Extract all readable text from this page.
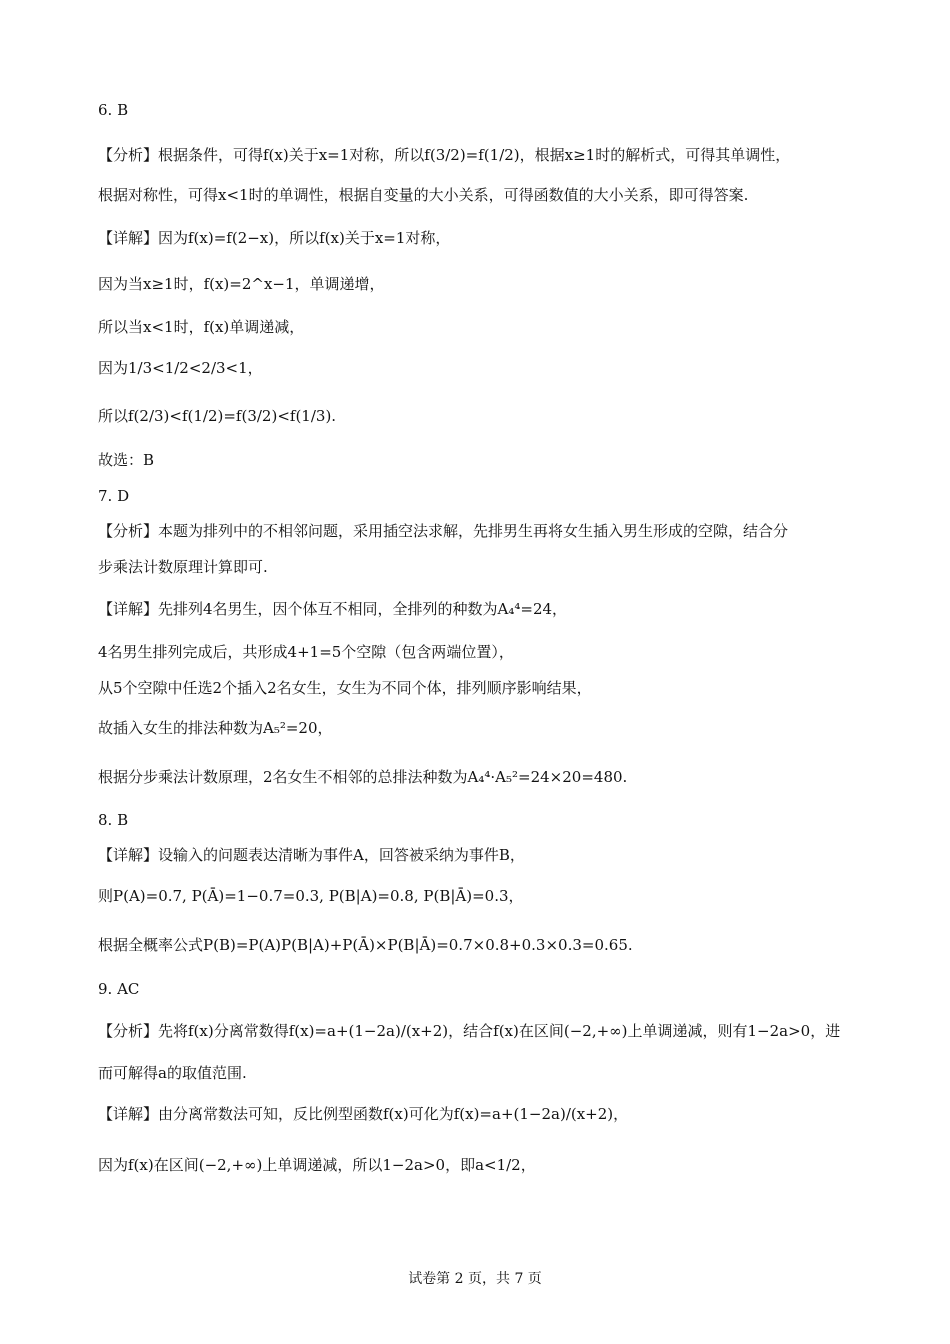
6. B
【分析】根据条件，可得f(x)关于x=1对称，所以f(3/2)=f(1/2)，根据x≥1时的解析式，可得其单调性，
根据对称性，可得x<1时的单调性，根据自变量的大小关系，可得函数值的大小关系，即可得答案.
【详解】因为f(x)=f(2−x)，所以f(x)关于x=1对称，
因为当x≥1时，f(x)=2^x−1，单调递增，
所以当x<1时，f(x)单调递减，
因为1/3<1/2<2/3<1，
所以f(2/3)<f(1/2)=f(3/2)<f(1/3).
故选：B
7. D
【分析】本题为排列中的不相邻问题，采用插空法求解，先排男生再将女生插入男生形成的空隙，结合分
步乘法计数原理计算即可.
【详解】先排列4名男生，因个体互不相同，全排列的种数为A₄⁴=24，
4名男生排列完成后，共形成4+1=5个空隙（包含两端位置），
从5个空隙中任选2个插入2名女生，女生为不同个体，排列顺序影响结果，
故插入女生的排法种数为A₅²=20，
根据分步乘法计数原理，2名女生不相邻的总排法种数为A₄⁴·A₅²=24×20=480.
8. B
【详解】设输入的问题表达清晰为事件A，回答被采纳为事件B，
则P(A)=0.7, P(Ā)=1−0.7=0.3, P(B|A)=0.8, P(B|Ā)=0.3，
根据全概率公式P(B)=P(A)P(B|A)+P(Ā)×P(B|Ā)=0.7×0.8+0.3×0.3=0.65.
9. AC
【分析】先将f(x)分离常数得f(x)=a+(1−2a)/(x+2)，结合f(x)在区间(−2,+∞)上单调递减，则有1−2a>0，进
而可解得a的取值范围.
【详解】由分离常数法可知，反比例型函数f(x)可化为f(x)=a+(1−2a)/(x+2)，
因为f(x)在区间(−2,+∞)上单调递减，所以1−2a>0，即a<1/2，
试卷第 2 页，共 7 页
